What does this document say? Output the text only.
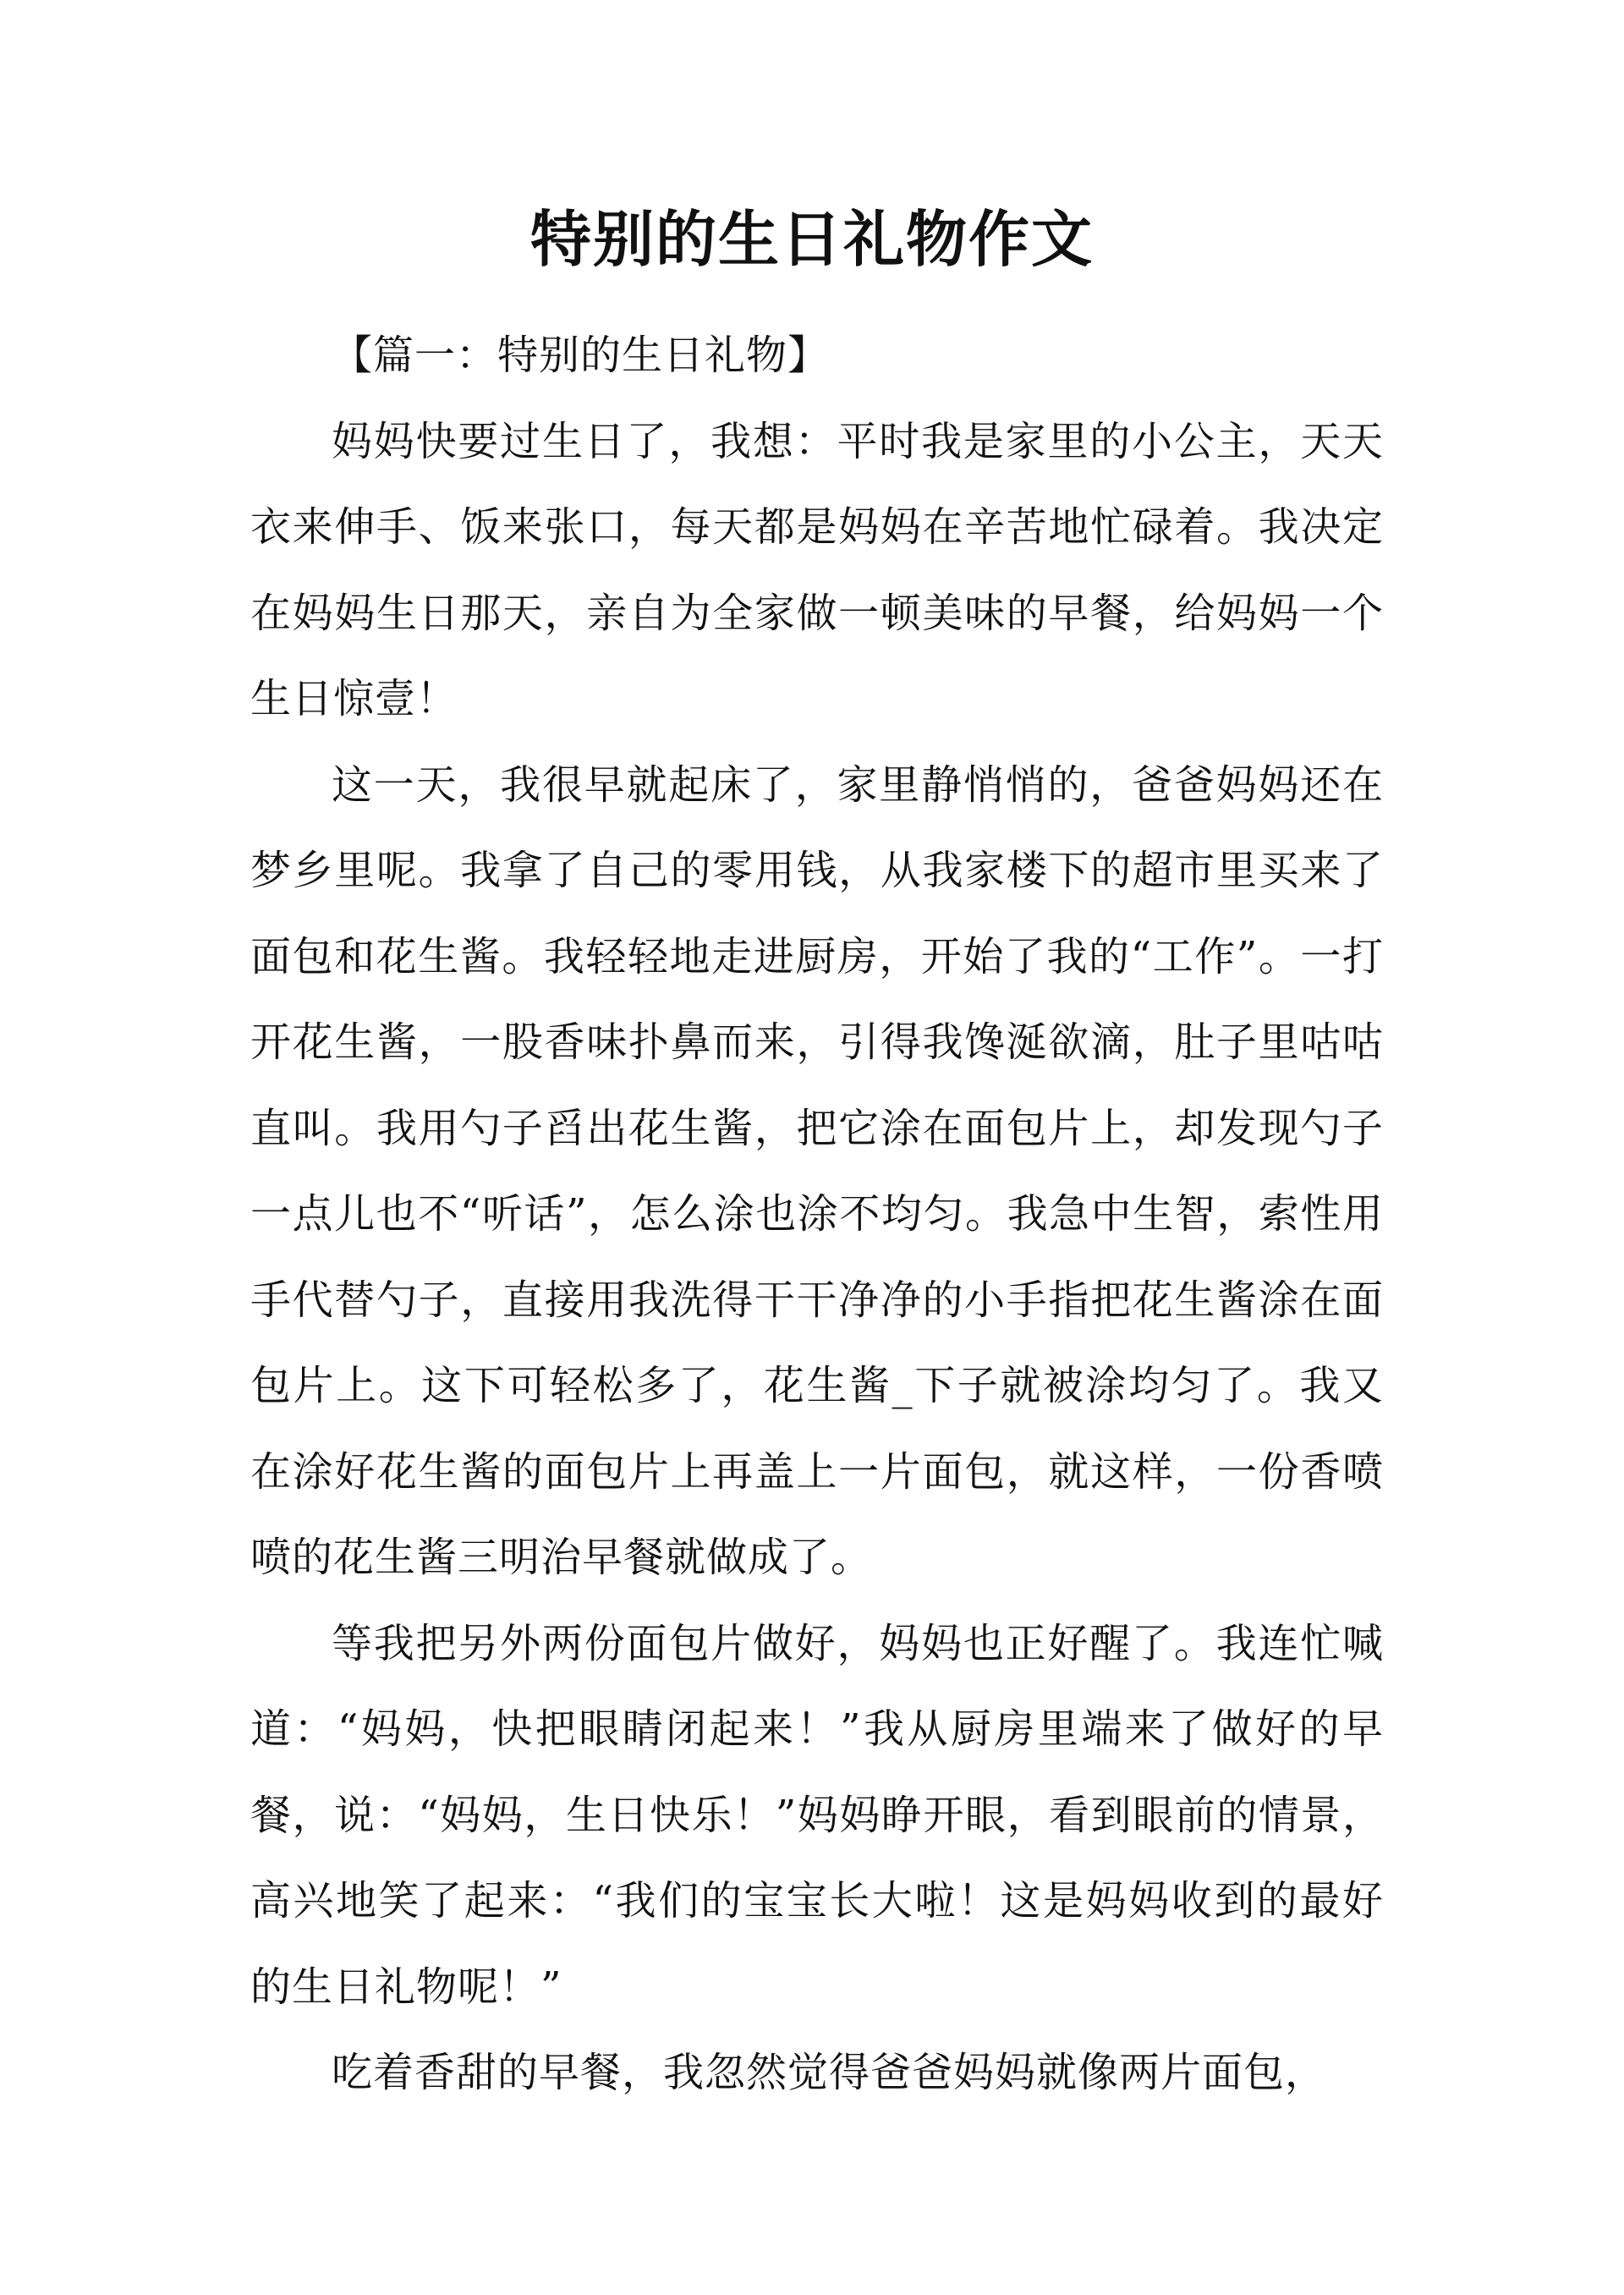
特别的生日礼物作文

【篇一：特别的生日礼物】

妈妈快要过生日了，我想：平时我是家里的小公主，天天衣来伸手、饭来张口，每天都是妈妈在辛苦地忙碌着。我决定在妈妈生日那天，亲自为全家做一顿美味的早餐，给妈妈一个生日惊壹！

这一天，我很早就起床了，家里静悄悄的，爸爸妈妈还在梦乡里呢。我拿了自己的零用钱，从我家楼下的超市里买来了面包和花生酱。我轻轻地走进厨房，开始了我的“工作”。一打开花生酱，一股香味扑鼻而来，引得我馋涎欲滴，肚子里咕咕直叫。我用勺子舀出花生酱，把它涂在面包片上，却发现勺子一点儿也不“听话”，怎么涂也涂不均匀。我急中生智，索性用手代替勺子，直接用我洗得干干净净的小手指把花生酱涂在面包片上。这下可轻松多了，花生酱_下子就被涂均匀了。我又在涂好花生酱的面包片上再盖上一片面包，就这样，一份香喷喷的花生酱三明治早餐就做成了。

等我把另外两份面包片做好，妈妈也正好醒了。我连忙喊道：“妈妈，快把眼睛闭起来！”我从厨房里端来了做好的早餐，说：“妈妈，生日快乐！”妈妈睁开眼，看到眼前的情景，高兴地笑了起来：“我们的宝宝长大啦！这是妈妈收到的最好的生日礼物呢！”

吃着香甜的早餐，我忽然觉得爸爸妈妈就像两片面包，
